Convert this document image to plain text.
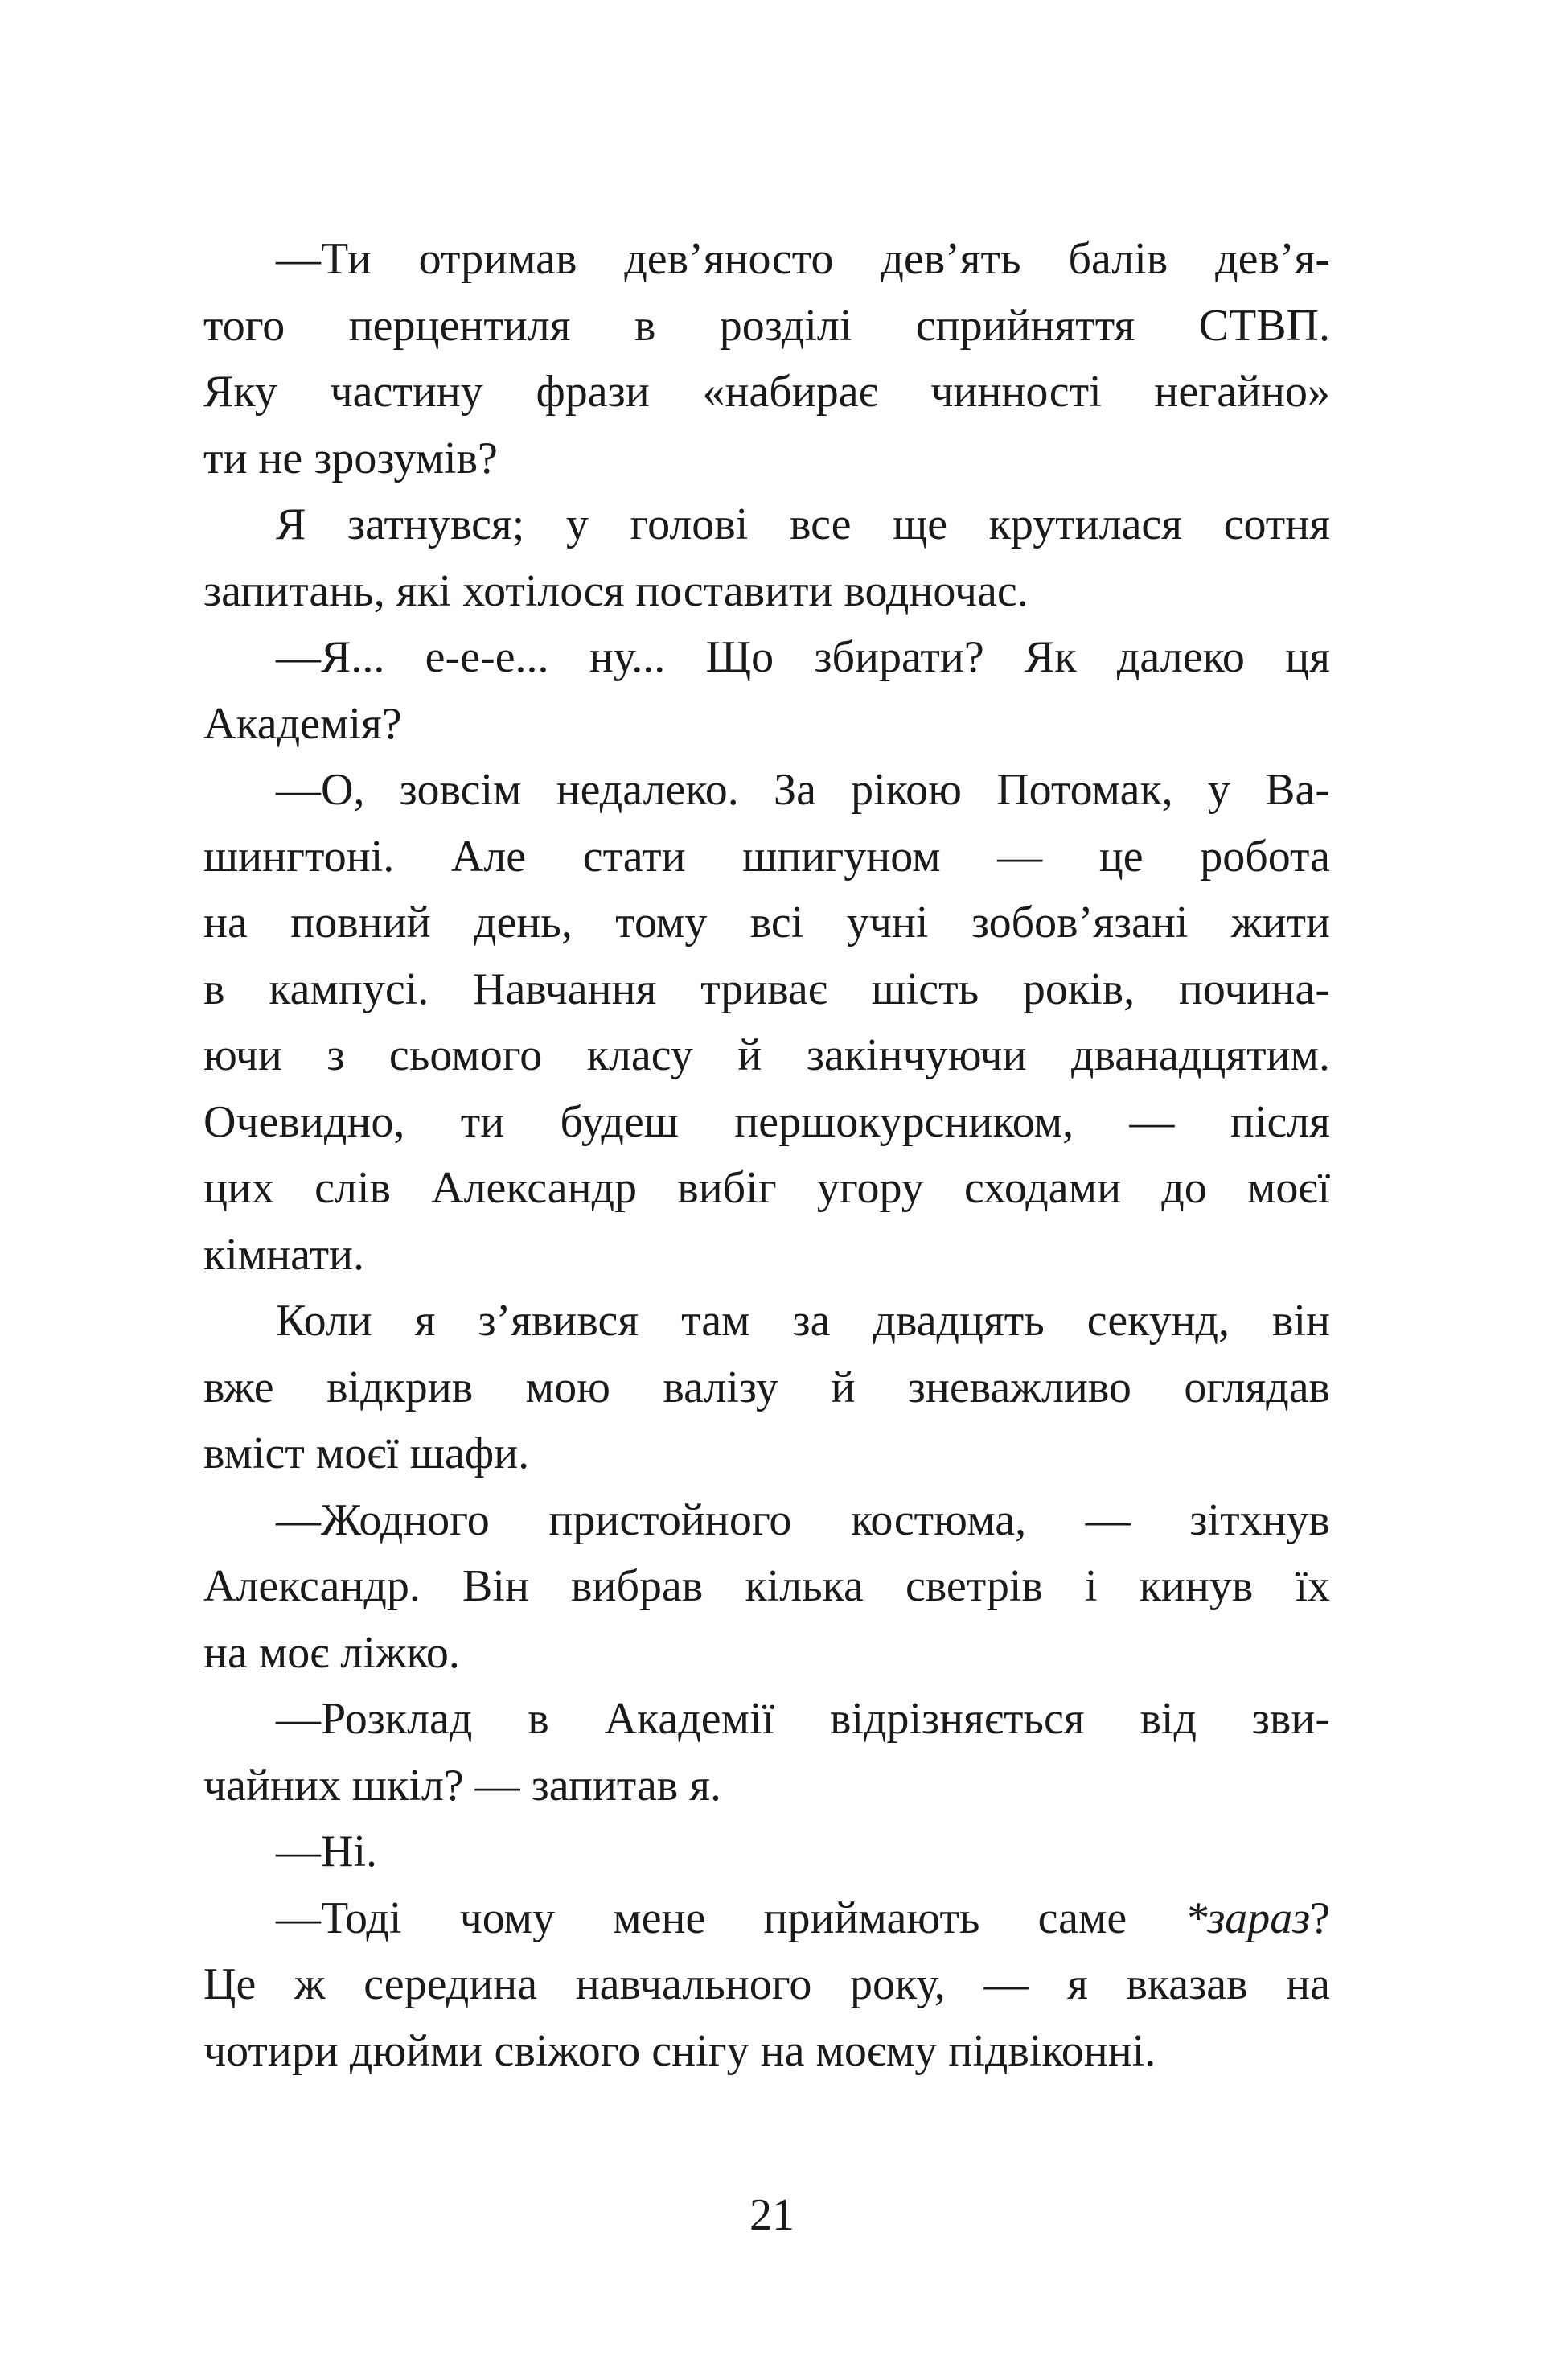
—Ти отримав дев’яносто дев’ять балів дев’я-
того перцентиля в розділі сприйняття СТВП.
Яку частину фрази «набирає чинності негайно»
ти не зрозумів?
Я затнувся; у голові все ще крутилася сотня
запитань, які хотілося поставити водночас.
—Я... е-е-е... ну... Що збирати? Як далеко ця
Академія?
—О, зовсім недалеко. За рікою Потомак, у Ва-
шингтоні. Але стати шпигуном — це робота
на повний день, тому всі учні зобов’язані жити
в кампусі. Навчання триває шість років, почина-
ючи з сьомого класу й закінчуючи дванадцятим.
Очевидно, ти будеш першокурсником, — після
цих слів Александр вибіг угору сходами до моєї
кімнати.
Коли я з’явився там за двадцять секунд, він
вже відкрив мою валізу й зневажливо оглядав
вміст моєї шафи.
—Жодного пристойного костюма, — зітхнув
Александр. Він вибрав кілька светрів і кинув їх
на моє ліжко.
—Розклад в Академії відрізняється від зви-
чайних шкіл? — запитав я.
—Ні.
—Тоді чому мене приймають саме *зараз?
Це ж середина навчального року, — я вказав на
чотири дюйми свіжого снігу на моєму підвіконні.
21
